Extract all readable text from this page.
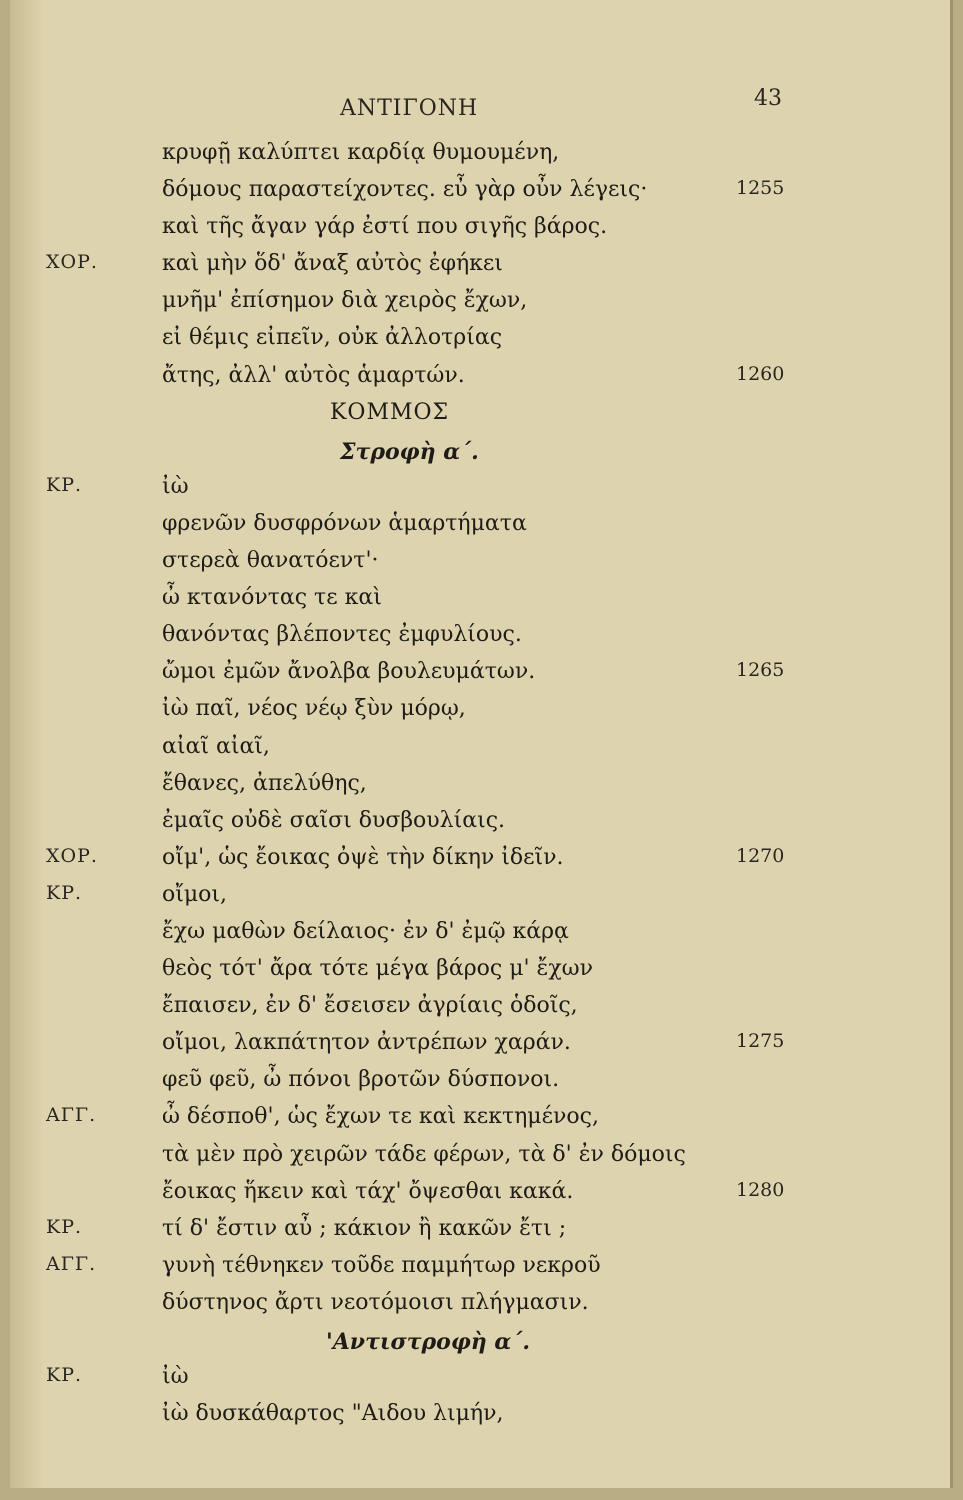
ΑΝΤΙΓΟΝΗ	43
κρυφῇ καλύπτει καρδίᾳ θυμουμένη,
δόμους παραστείχοντες. εὖ γὰρ οὖν λέγεις·	1255
καὶ τῆς ἄγαν γάρ ἐστί που σιγῆς βάρος.
ΧΟΡ.	καὶ μὴν ὅδ' ἄναξ αὐτὸς ἐφήκει
μνῆμ' ἐπίσημον διὰ χειρὸς ἔχων,
εἰ θέμις εἰπεῖν, οὐκ ἀλλοτρίας
ἄτης, ἀλλ' αὐτὸς ἁμαρτών.	1260
ΚΟΜΜΟΣ
Στροφὴ α΄.
ΚΡ.	ἰὼ
φρενῶν δυσφρόνων ἁμαρτήματα
στερεὰ θανατόεντ'·
ὦ κτανόντας τε καὶ
θανόντας βλέποντες ἐμφυλίους.
ὤμοι ἐμῶν ἄνολβα βουλευμάτων.	1265
ἰὼ παῖ, νέος νέῳ ξὺν μόρῳ,
αἰαῖ αἰαῖ,
ἔθανες, ἀπελύθης,
ἐμαῖς οὐδὲ σαῖσι δυσβουλίαις.
ΧΟΡ.	οἴμ', ὡς ἔοικας ὀψὲ τὴν δίκην ἰδεῖν.	1270
ΚΡ.	οἴμοι,
ἔχω μαθὼν δείλαιος· ἐν δ' ἐμῷ κάρᾳ
θεὸς τότ' ἄρα τότε μέγα βάρος μ' ἔχων
ἔπαισεν, ἐν δ' ἔσεισεν ἀγρίαις ὁδοῖς,
οἴμοι, λακπάτητον ἀντρέπων χαράν.	1275
φεῦ φεῦ, ὦ πόνοι βροτῶν δύσπονοι.
ΑΓΓ.	ὦ δέσποθ', ὡς ἔχων τε καὶ κεκτημένος,
τὰ μὲν πρὸ χειρῶν τάδε φέρων, τὰ δ' ἐν δόμοις
ἔοικας ἥκειν καὶ τάχ' ὄψεσθαι κακά.	1280
ΚΡ.	τί δ' ἔστιν αὖ ; κάκιον ἢ κακῶν ἔτι ;
ΑΓΓ.	γυνὴ τέθνηκεν τοῦδε παμμήτωρ νεκροῦ
δύστηνος ἄρτι νεοτόμοισι πλήγμασιν.
'Αντιστροφὴ α΄.
ΚΡ.	ἰὼ
ἰὼ δυσκάθαρτος "Αιδου λιμήν,
